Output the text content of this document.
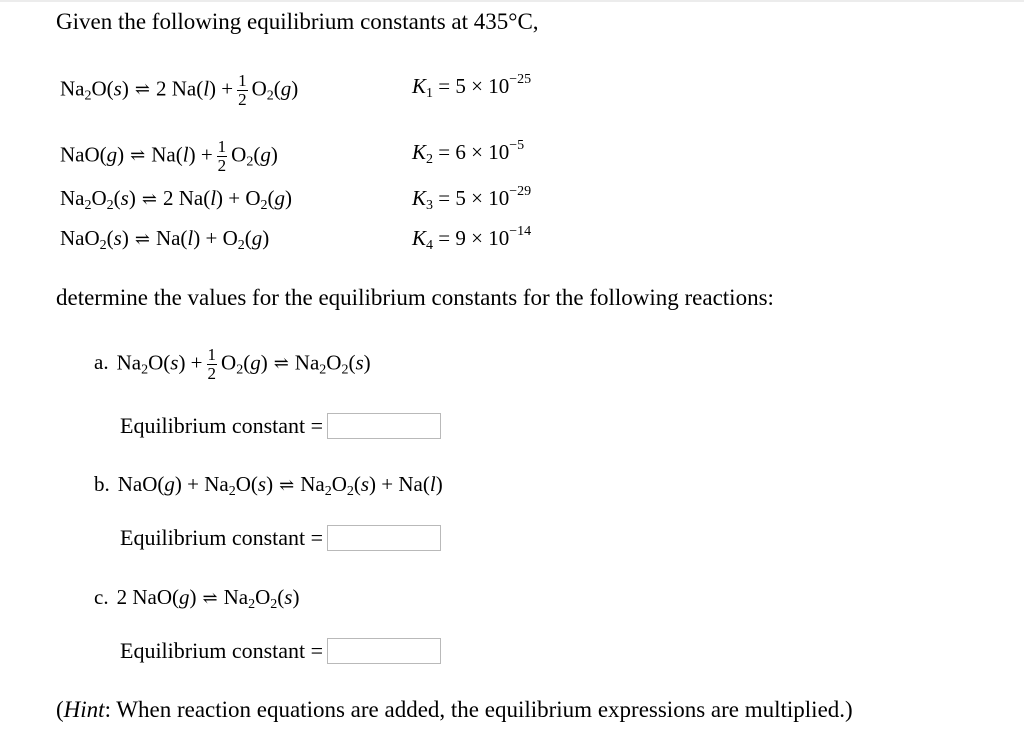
Given the following equilibrium constants at 435°C,
$Na_2O(s)$ ⇌ 2 $Na(l) + \frac{1}{2} O_2(g)$	$K_1 = 5 \times 10^{-25}$
NaO(g) ⇌ $Na(l) + \frac{1}{2} O_2(g)$	$K_2 = 6 \times 10^{-5}$
$Na_2O_2(s)$ ⇌ 2 $Na(l) + O_2(g)$	$K_3 = 5 \times 10^{-29}$
NaO$_2$(s) ⇌ $Na(l) + O_2(g)$	$K_4 = 9 \times 10^{-14}$
determine the values for the equilibrium constants for the following reactions:
a. $Na_2O(s) + \frac{1}{2} O_2(g)$ ⇌ $Na_2O_2(s)$
Equilibrium constant =
b. $NaO(g) + Na_2O(s)$ ⇌ $Na_2O_2(s) + Na(l)$
Equilibrium constant =
c. 2 NaO(g) ⇌ $Na_2O_2(s)$
Equilibrium constant =
(Hint: When reaction equations are added, the equilibrium expressions are multiplied.)
